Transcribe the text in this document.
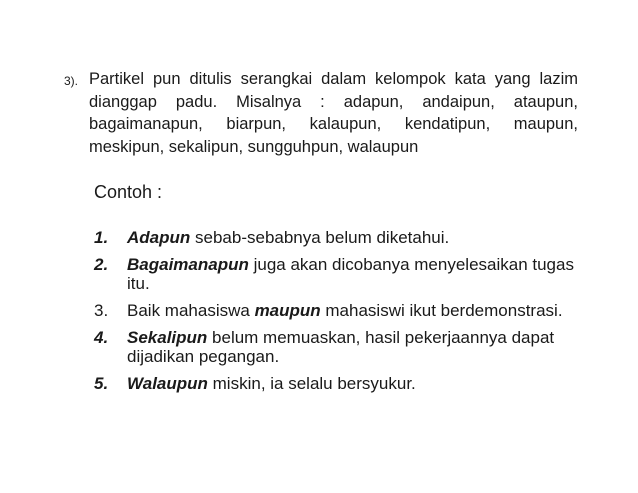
3). Partikel pun ditulis serangkai dalam kelompok kata yang lazim dianggap padu. Misalnya : adapun, andaipun, ataupun, bagaimanapun, biarpun, kalaupun, kendatipun, maupun, meskipun, sekalipun, sungguhpun, walaupun
Contoh :
1.	Adapun sebab-sebabnya belum diketahui.
2.	Bagaimanapun juga akan dicobanya menyelesaikan tugas itu.
3.	Baik mahasiswa maupun mahasiswi ikut berdemonstrasi.
4.	Sekalipun belum memuaskan, hasil pekerjaannya dapat dijadikan pegangan.
5.	Walaupun miskin, ia selalu bersyukur.
